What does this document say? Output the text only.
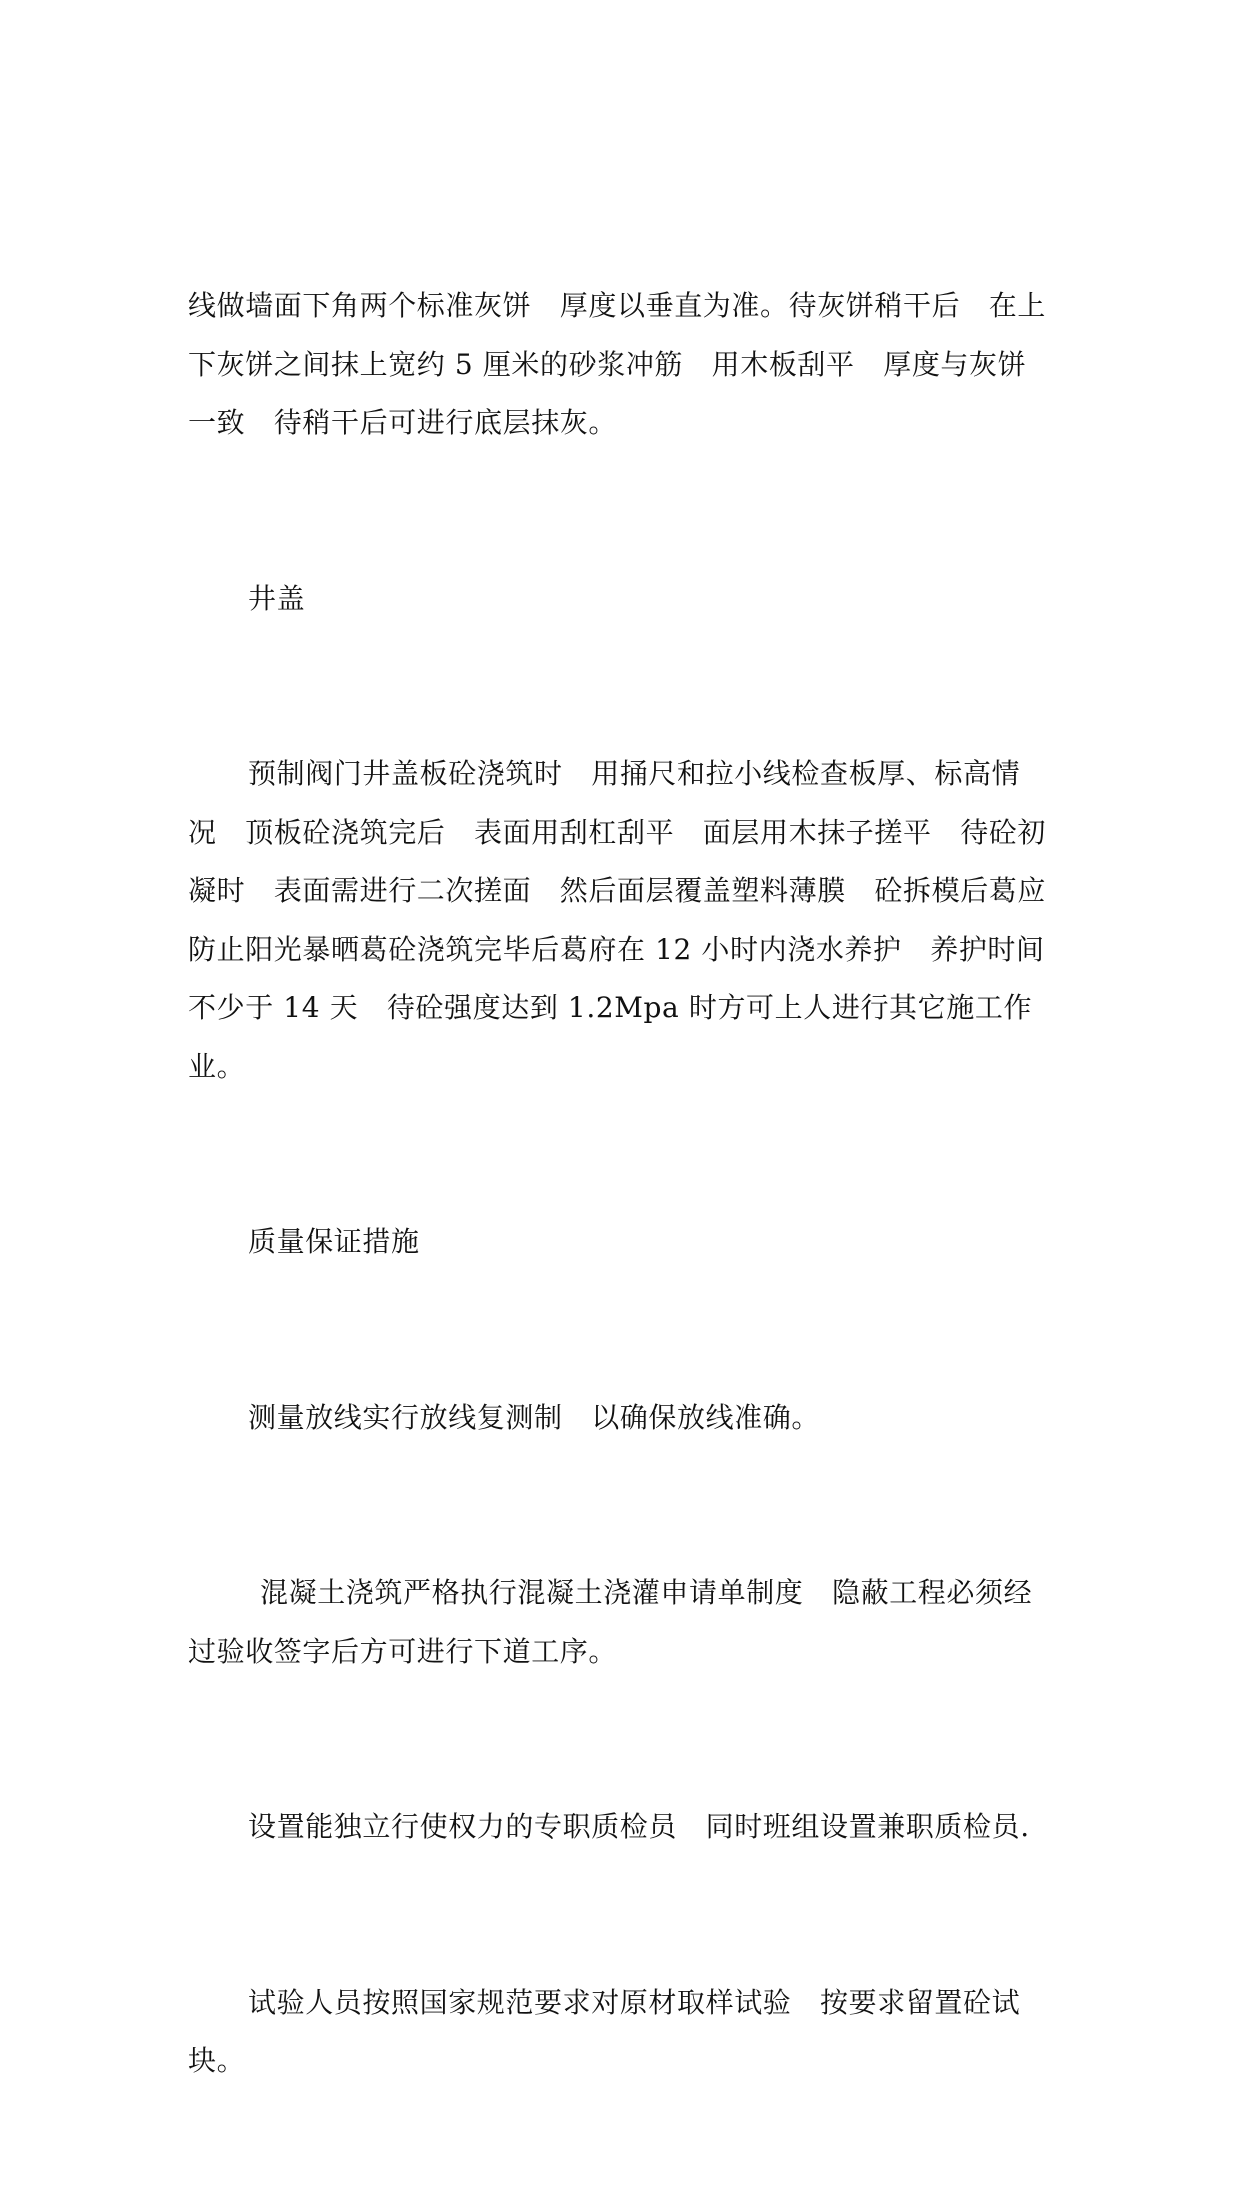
线做墙面下角两个标准灰饼　厚度以垂直为准。待灰饼稍干后　在上下灰饼之间抹上宽约 5 厘米的砂浆冲筋　用木板刮平　厚度与灰饼一致　待稍干后可进行底层抹灰。

井盖

预制阀门井盖板砼浇筑时　用捅尺和拉小线检查板厚、标高情况　顶板砼浇筑完后　表面用刮杠刮平　面层用木抹子搓平　待砼初凝时　表面需进行二次搓面　然后面层覆盖塑料薄膜　砼拆模后葛应防止阳光暴晒葛砼浇筑完毕后葛府在 12 小时内浇水养护　养护时间不少于 14 天　待砼强度达到 1.2Mpa 时方可上人进行其它施工作业。

质量保证措施

测量放线实行放线复测制　以确保放线准确。

混凝土浇筑严格执行混凝土浇灌申请单制度　隐蔽工程必须经过验收签字后方可进行下道工序。

设置能独立行使权力的专职质检员　同时班组设置兼职质检员.

试验人员按照国家规范要求对原材取样试验　按要求留置砼试块。
